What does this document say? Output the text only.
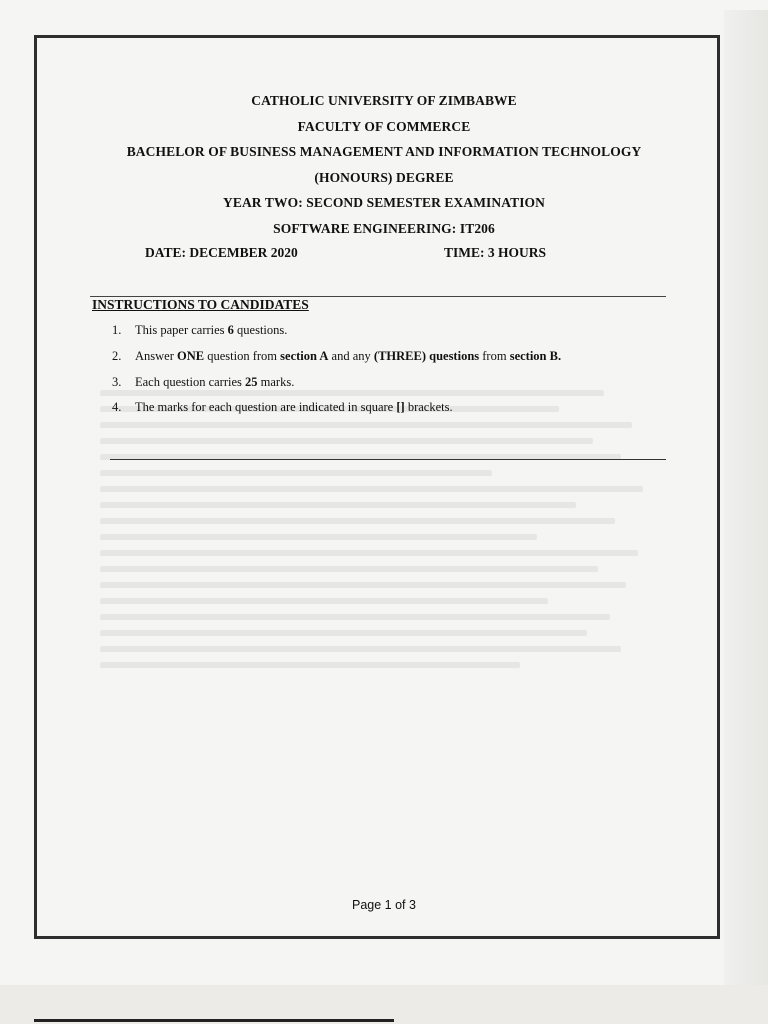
CATHOLIC UNIVERSITY OF ZIMBABWE
FACULTY OF COMMERCE
BACHELOR OF BUSINESS MANAGEMENT AND INFORMATION TECHNOLOGY
(HONOURS) DEGREE
YEAR TWO: SECOND SEMESTER EXAMINATION
SOFTWARE ENGINEERING: IT206
DATE: DECEMBER 2020	TIME: 3 HOURS
INSTRUCTIONS TO CANDIDATES
1. This paper carries 6 questions.
2. Answer ONE question from section A and any (THREE) questions from section B.
3. Each question carries 25 marks.
4. The marks for each question are indicated in square [] brackets.
Page 1 of 3
